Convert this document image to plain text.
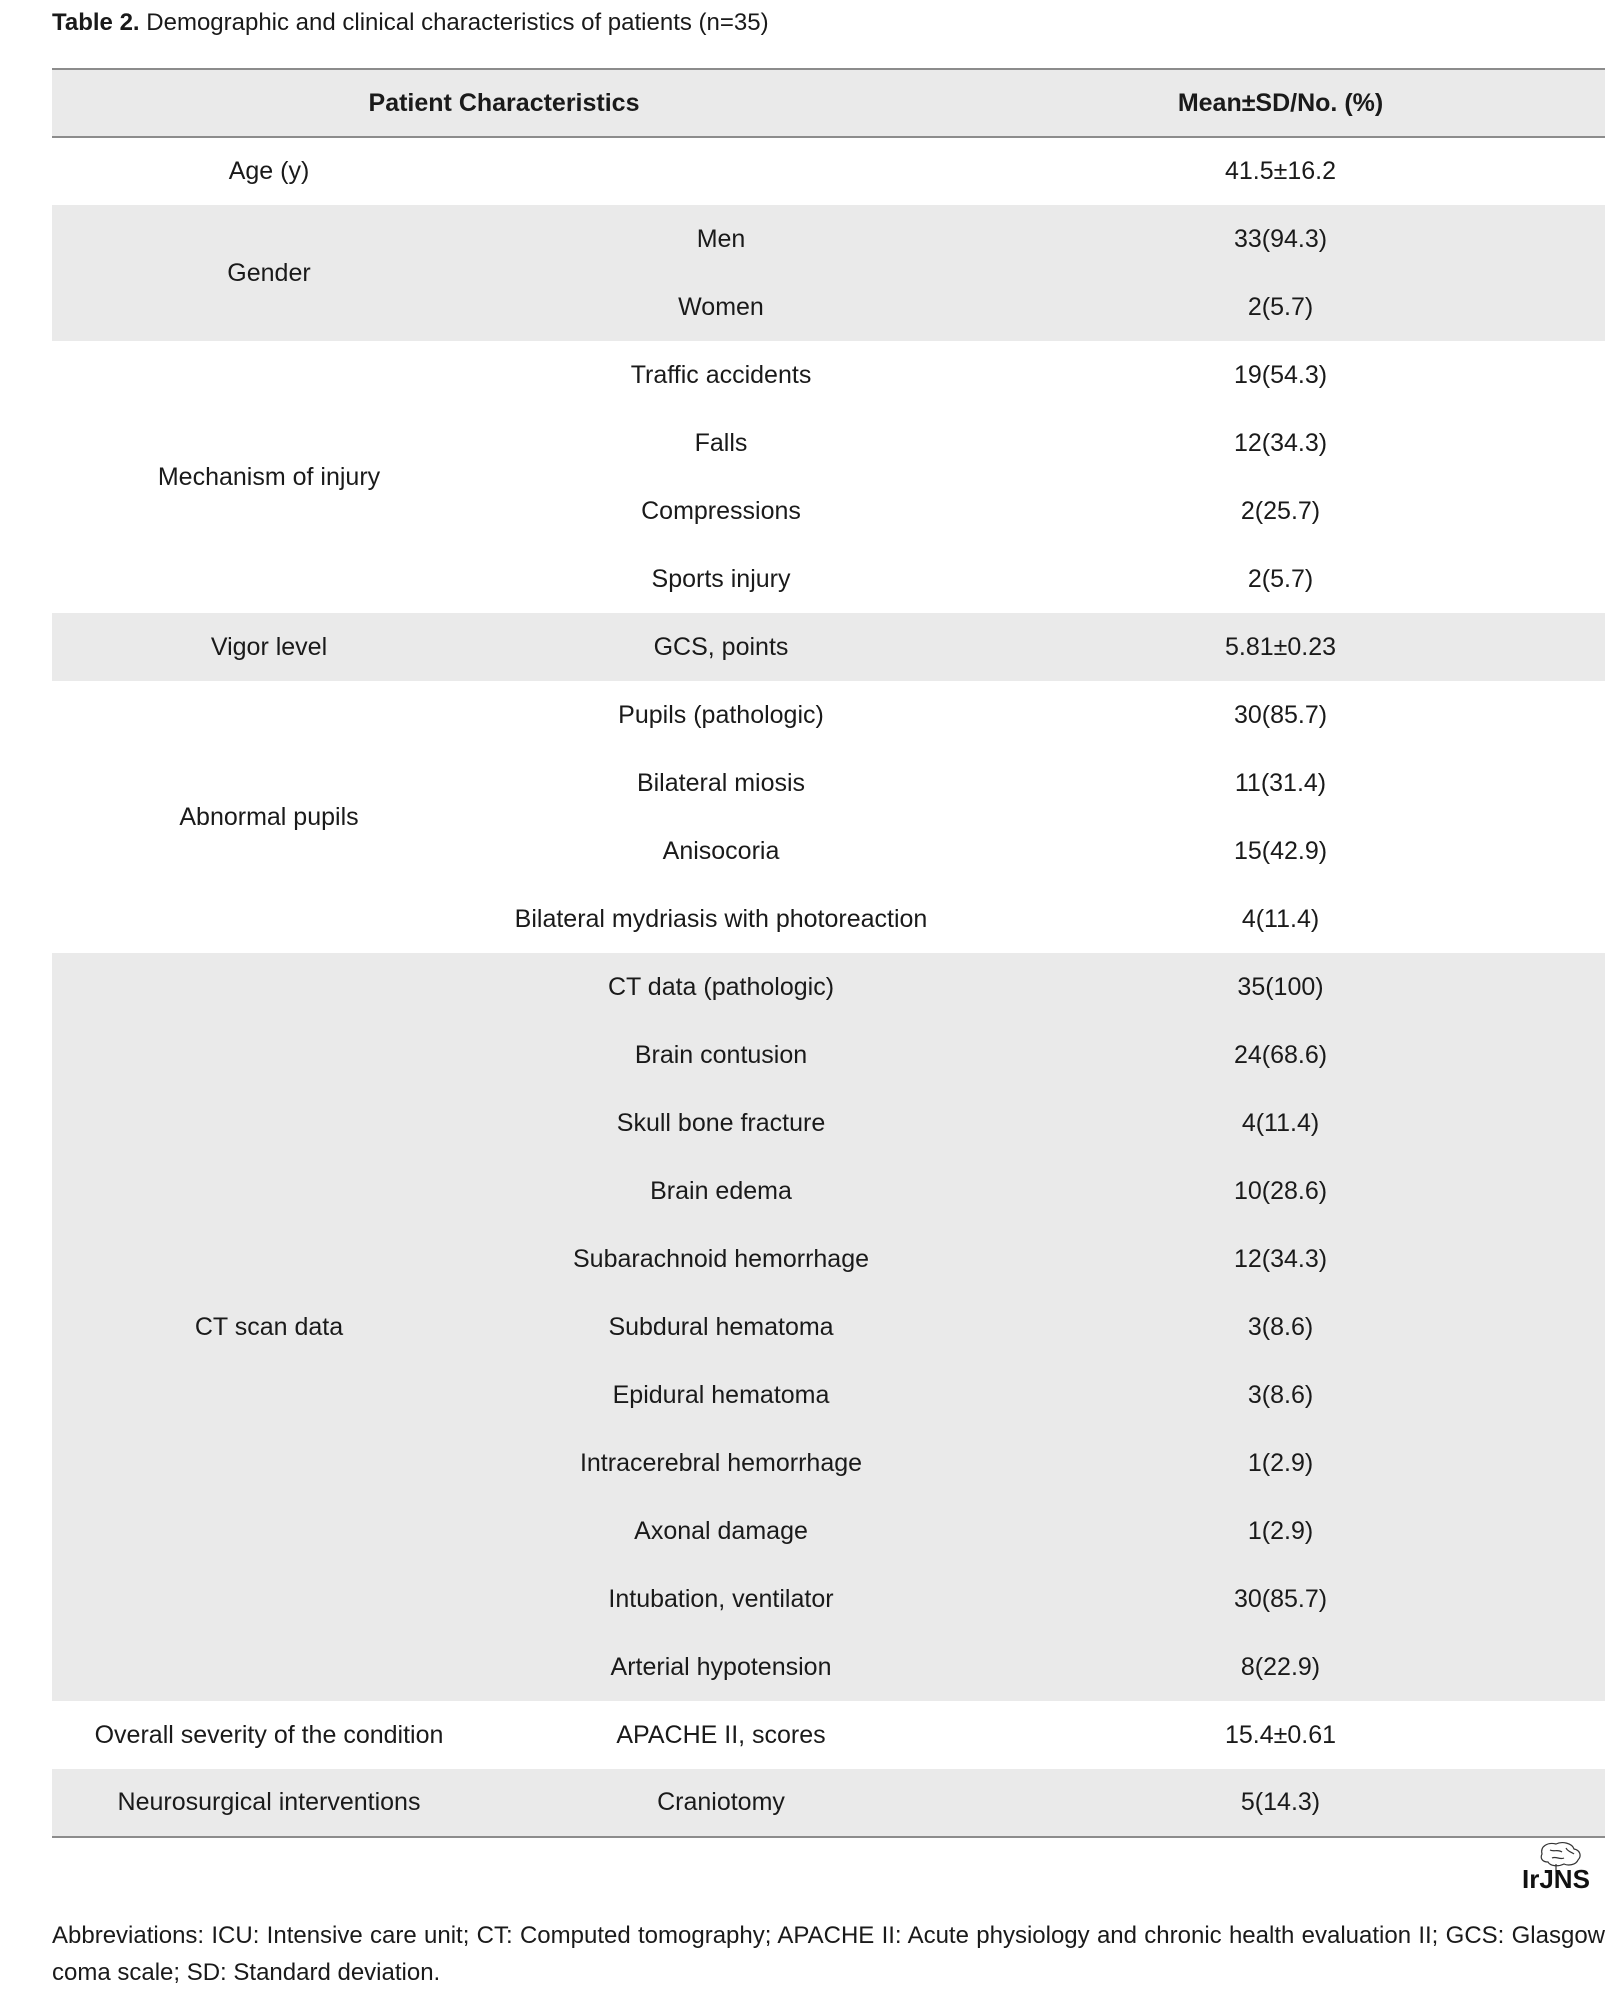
Table 2. Demographic and clinical characteristics of patients (n=35)
Patient Characteristics		Mean±SD/No. (%)
Age (y)		41.5±16.2
Gender	Men	33(94.3)
	Women	2(5.7)
Mechanism of injury	Traffic accidents	19(54.3)
	Falls	12(34.3)
	Compressions	2(25.7)
	Sports injury	2(5.7)
Vigor level	GCS, points	5.81±0.23
Abnormal pupils	Pupils (pathologic)	30(85.7)
	Bilateral miosis	11(31.4)
	Anisocoria	15(42.9)
	Bilateral mydriasis with photoreaction	4(11.4)
CT scan data	CT data (pathologic)	35(100)
	Brain contusion	24(68.6)
	Skull bone fracture	4(11.4)
	Brain edema	10(28.6)
	Subarachnoid hemorrhage	12(34.3)
	Subdural hematoma	3(8.6)
	Epidural hematoma	3(8.6)
	Intracerebral hemorrhage	1(2.9)
	Axonal damage	1(2.9)
	Intubation, ventilator	30(85.7)
	Arterial hypotension	8(22.9)
Overall severity of the condition	APACHE II, scores	15.4±0.61
Neurosurgical interventions	Craniotomy	5(14.3)
IrJNS
Abbreviations: ICU: Intensive care unit; CT: Computed tomography; APACHE II: Acute physiology and chronic health evaluation II; GCS: Glasgow coma scale; SD: Standard deviation.
